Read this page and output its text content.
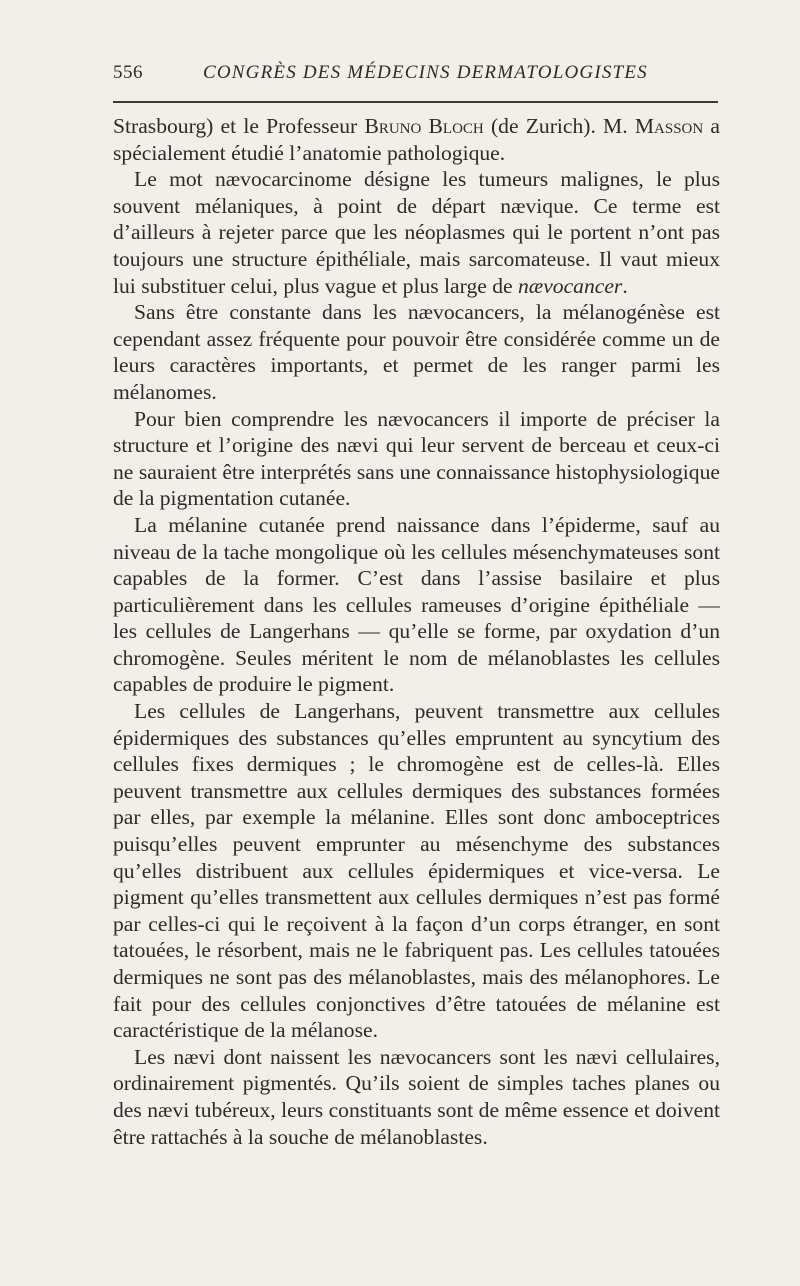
556	CONGRÈS DES MÉDECINS DERMATOLOGISTES

Strasbourg) et le Professeur Bruno Bloch (de Zurich). M. Masson a spécialement étudié l’anatomie pathologique.

Le mot nævocarcinome désigne les tumeurs malignes, le plus souvent mélaniques, à point de départ nævique. Ce terme est d’ailleurs à rejeter parce que les néoplasmes qui le portent n’ont pas toujours une structure épithéliale, mais sarcomateuse. Il vaut mieux lui substituer celui, plus vague et plus large de nævocancer.

Sans être constante dans les nævocancers, la mélanogénèse est cependant assez fréquente pour pouvoir être considérée comme un de leurs caractères importants, et permet de les ranger parmi les mélanomes.

Pour bien comprendre les nævocancers il importe de préciser la structure et l’origine des nævi qui leur servent de berceau et ceux-ci ne sauraient être interprétés sans une connaissance histophysiologique de la pigmentation cutanée.

La mélanine cutanée prend naissance dans l’épiderme, sauf au niveau de la tache mongolique où les cellules mésenchymateuses sont capables de la former. C’est dans l’assise basilaire et plus particulièrement dans les cellules rameuses d’origine épithéliale — les cellules de Langerhans — qu’elle se forme, par oxydation d’un chromogène. Seules méritent le nom de mélanoblastes les cellules capables de produire le pigment.

Les cellules de Langerhans, peuvent transmettre aux cellules épidermiques des substances qu’elles empruntent au syncytium des cellules fixes dermiques ; le chromogène est de celles-là. Elles peuvent transmettre aux cellules dermiques des substances formées par elles, par exemple la mélanine. Elles sont donc amboceptrices puisqu’elles peuvent emprunter au mésenchyme des substances qu’elles distribuent aux cellules épidermiques et vice-versa. Le pigment qu’elles transmettent aux cellules dermiques n’est pas formé par celles-ci qui le reçoivent à la façon d’un corps étranger, en sont tatouées, le résorbent, mais ne le fabriquent pas. Les cellules tatouées dermiques ne sont pas des mélanoblastes, mais des mélanophores. Le fait pour des cellules conjonctives d’être tatouées de mélanine est caractéristique de la mélanose.

Les nævi dont naissent les nævocancers sont les nævi cellulaires, ordinairement pigmentés. Qu’ils soient de simples taches planes ou des nævi tubéreux, leurs constituants sont de même essence et doivent être rattachés à la souche de mélanoblastes.
